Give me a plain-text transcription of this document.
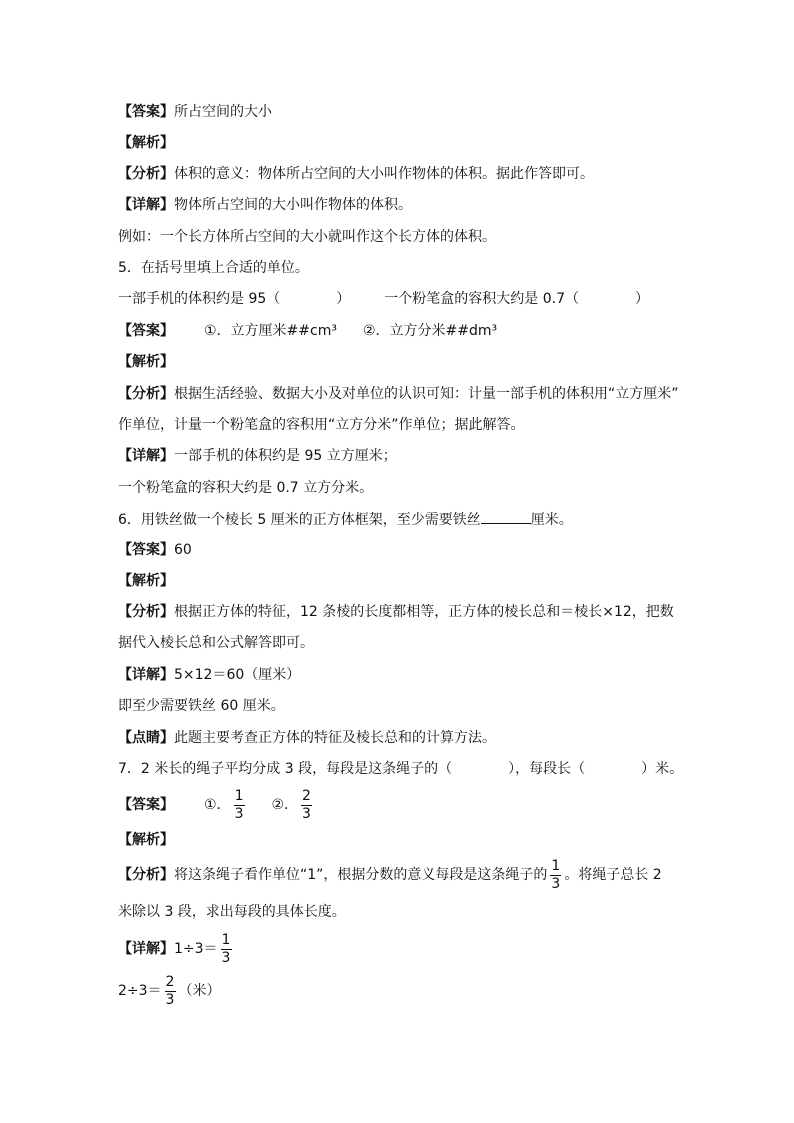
【答案】所占空间的大小
【解析】
【分析】体积的意义：物体所占空间的大小叫作物体的体积。据此作答即可。
【详解】物体所占空间的大小叫作物体的体积。
例如：一个长方体所占空间的大小就叫作这个长方体的体积。
5．在括号里填上合适的单位。
一部手机的体积约是 95（　　　　） 一个粉笔盒的容积大约是 0.7（　　　　）
【答案】 ①．立方厘米##cm³ ②．立方分米##dm³
【解析】
【分析】根据生活经验、数据大小及对单位的认识可知：计量一部手机的体积用“立方厘米”
作单位，计量一个粉笔盒的容积用“立方分米”作单位；据此解答。
【详解】一部手机的体积约是 95 立方厘米；
一个粉笔盒的容积大约是 0.7 立方分米。
6．用铁丝做一个棱长 5 厘米的正方体框架，至少需要铁丝	厘米。
【答案】60
【解析】
【分析】根据正方体的特征，12 条棱的长度都相等，正方体的棱长总和＝棱长×12，把数
据代入棱长总和公式解答即可。
【详解】5×12＝60（厘米）
即至少需要铁丝 60 厘米。
【点睛】此题主要考查正方体的特征及棱长总和的计算方法。
7．2 米长的绳子平均分成 3 段，每段是这条绳子的（　　　　），每段长（　　　　）米。
【答案】 ①． $\frac{1}{3}$ ②． $\frac{2}{3}$
【解析】
【分析】将这条绳子看作单位“1”，根据分数的意义每段是这条绳子的 $\frac{1}{3}$ 。将绳子总长 2
米除以 3 段，求出每段的具体长度。
【详解】$1\div 3= \frac{1}{3}$
$2\div 3= \frac{2}{3}$ （米）
